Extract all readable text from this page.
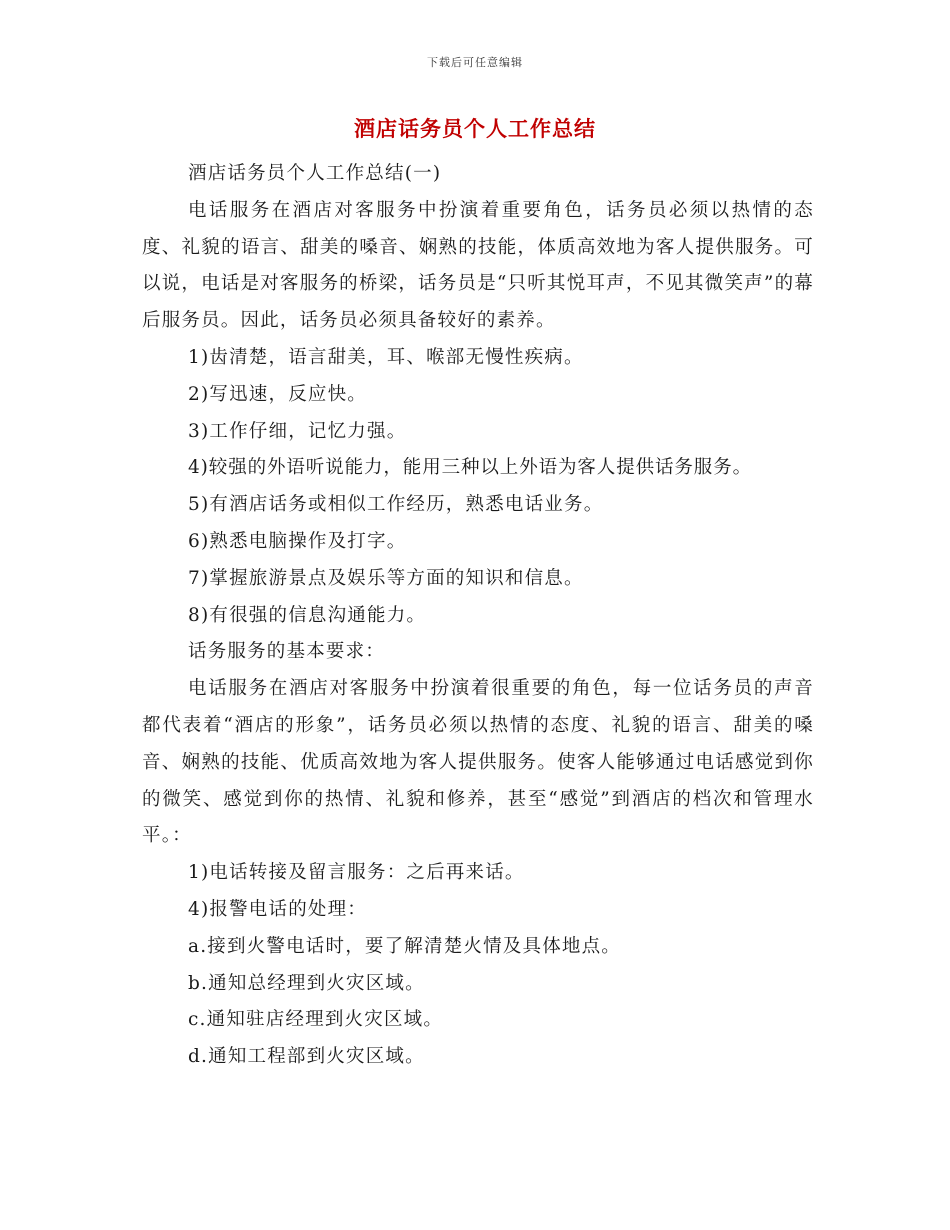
下载后可任意编辑
酒店话务员个人工作总结

酒店话务员个人工作总结(一)

电话服务在酒店对客服务中扮演着重要角色，话务员必须以热情的态度、礼貌的语言、甜美的嗓音、娴熟的技能，体质高效地为客人提供服务。可以说，电话是对客服务的桥梁，话务员是“只听其悦耳声，不见其微笑声”的幕后服务员。因此，话务员必须具备较好的素养。

1)齿清楚，语言甜美，耳、喉部无慢性疾病。

2)写迅速，反应快。

3)工作仔细，记忆力强。

4)较强的外语听说能力，能用三种以上外语为客人提供话务服务。

5)有酒店话务或相似工作经历，熟悉电话业务。

6)熟悉电脑操作及打字。

7)掌握旅游景点及娱乐等方面的知识和信息。

8)有很强的信息沟通能力。

话务服务的基本要求：

电话服务在酒店对客服务中扮演着很重要的角色，每一位话务员的声音都代表着“酒店的形象”，话务员必须以热情的态度、礼貌的语言、甜美的嗓音、娴熟的技能、优质高效地为客人提供服务。使客人能够通过电话感觉到你的微笑、感觉到你的热情、礼貌和修养，甚至“感觉”到酒店的档次和管理水平。：

1)电话转接及留言服务：之后再来话。

4)报警电话的处理：

a.接到火警电话时，要了解清楚火情及具体地点。

b.通知总经理到火灾区域。

c.通知驻店经理到火灾区域。

d.通知工程部到火灾区域。
